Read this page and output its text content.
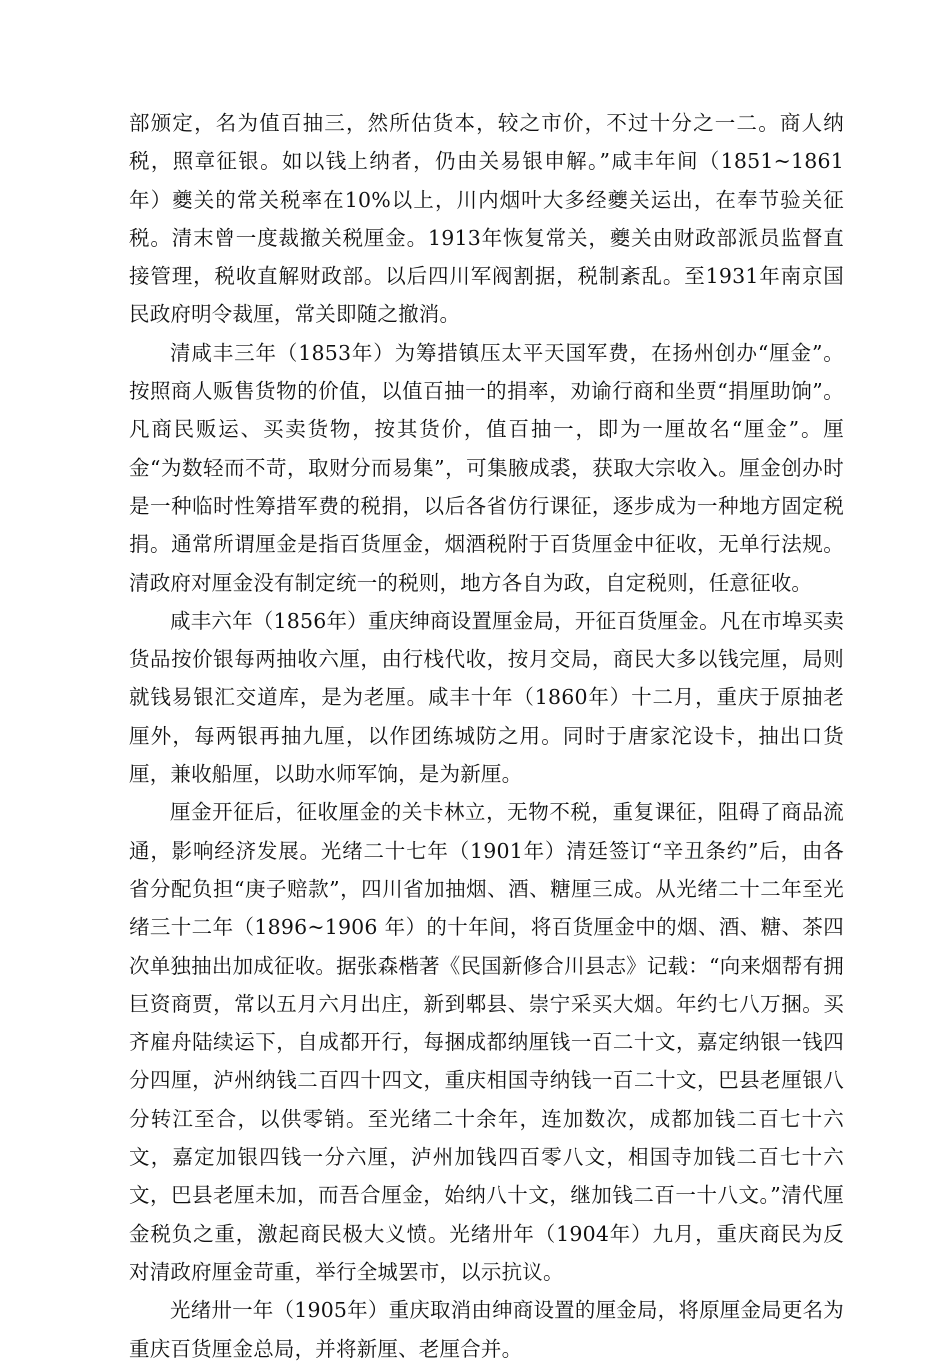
部颁定，名为值百抽三，然所估货本，较之市价，不过十分之一二。商人纳税，照章征银。如以钱上纳者，仍由关易银申解。”咸丰年间（1851~1861 年）夔关的常关税率在10%以上，川内烟叶大多经夔关运出，在奉节验关征税。清末曾一度裁撤关税厘金。1913年恢复常关，夔关由财政部派员监督直接管理，税收直解财政部。以后四川军阀割据，税制紊乱。至1931年南京国民政府明令裁厘，常关即随之撤消。

清咸丰三年（1853年）为筹措镇压太平天国军费，在扬州创办“厘金”。按照商人贩售货物的价值，以值百抽一的捐率，劝谕行商和坐贾“捐厘助饷”。凡商民贩运、买卖货物，按其货价，值百抽一，即为一厘故名“厘金”。厘金“为数轻而不苛，取财分而易集”，可集腋成裘，获取大宗收入。厘金创办时是一种临时性筹措军费的税捐，以后各省仿行课征，逐步成为一种地方固定税捐。通常所谓厘金是指百货厘金，烟酒税附于百货厘金中征收，无单行法规。清政府对厘金没有制定统一的税则，地方各自为政，自定税则，任意征收。

咸丰六年（1856年）重庆绅商设置厘金局，开征百货厘金。凡在市埠买卖货品按价银每两抽收六厘，由行栈代收，按月交局，商民大多以钱完厘，局则就钱易银汇交道库，是为老厘。咸丰十年（1860年）十二月，重庆于原抽老厘外，每两银再抽九厘，以作团练城防之用。同时于唐家沱设卡，抽出口货厘，兼收船厘，以助水师军饷，是为新厘。

厘金开征后，征收厘金的关卡林立，无物不税，重复课征，阻碍了商品流通，影响经济发展。光绪二十七年（1901年）清廷签订“辛丑条约”后，由各省分配负担“庚子赔款”，四川省加抽烟、酒、糖厘三成。从光绪二十二年至光绪三十二年（1896~1906 年）的十年间，将百货厘金中的烟、酒、糖、茶四次单独抽出加成征收。据张森楷著《民国新修合川县志》记载：“向来烟帮有拥巨资商贾，常以五月六月出庄，新到郫县、崇宁采买大烟。年约七八万捆。买齐雇舟陆续运下，自成都开行，每捆成都纳厘钱一百二十文，嘉定纳银一钱四分四厘，泸州纳钱二百四十四文，重庆相国寺纳钱一百二十文，巴县老厘银八分转江至合，以供零销。至光绪二十余年，连加数次，成都加钱二百七十六文，嘉定加银四钱一分六厘，泸州加钱四百零八文，相国寺加钱二百七十六文，巴县老厘未加，而吾合厘金，始纳八十文，继加钱二百一十八文。”清代厘金税负之重，激起商民极大义愤。光绪卅年（1904年）九月，重庆商民为反对清政府厘金苛重，举行全城罢市，以示抗议。

光绪卅一年（1905年）重庆取消由绅商设置的厘金局，将原厘金局更名为重庆百货厘金总局，并将新厘、老厘合并。
